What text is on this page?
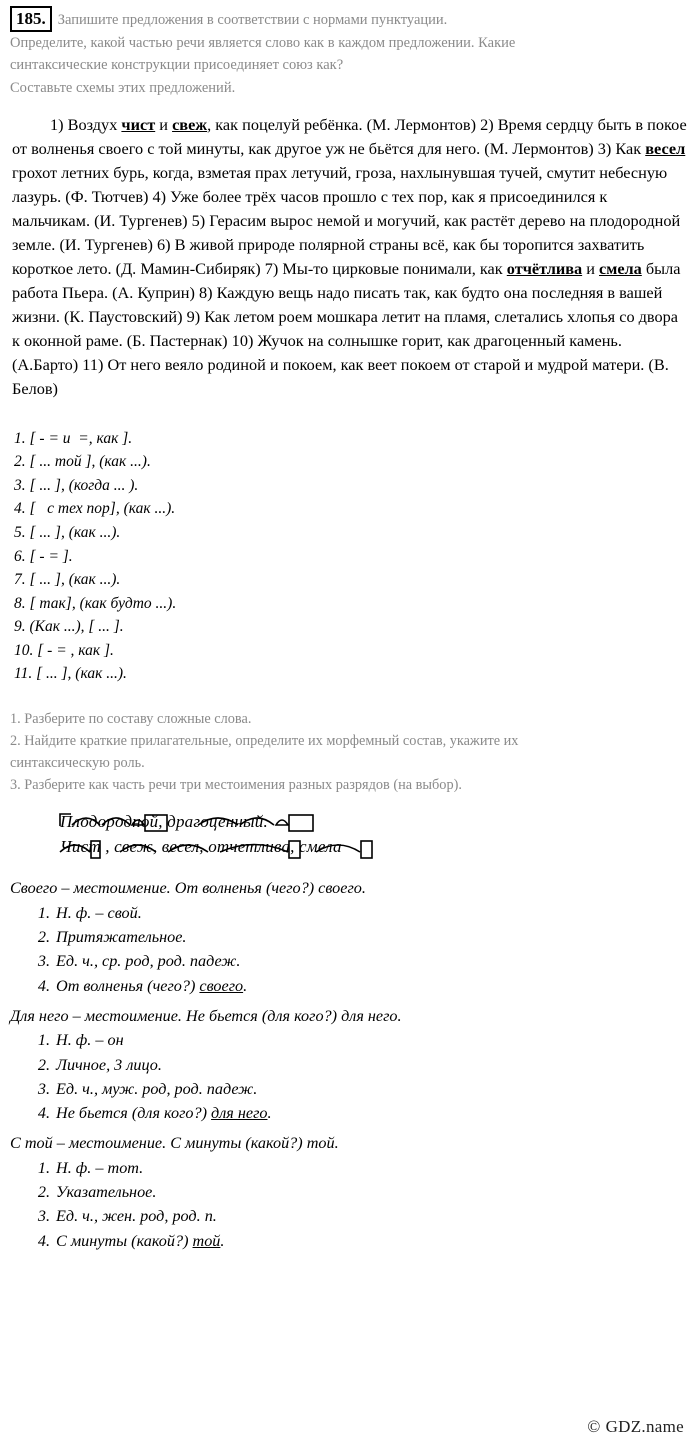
185. Запишите предложения в соответствии с нормами пунктуации.
Определите, какой частью речи является слово как в каждом предложении. Какие
синтаксические конструкции присоединяет союз как?
Составьте схемы этих предложений.
1) Воздух чист и свеж, как поцелуй ребёнка. (М. Лермонтов) 2) Время сердцу быть в покое от волненья своего с той минуты, как другое уж не бьётся для него. (М. Лермонтов) 3) Как весел грохот летних бурь, когда, взметая прах летучий, гроза, нахлынувшая тучей, смутит небесную лазурь. (Ф. Тютчев) 4) Уже более трёх часов прошло с тех пор, как я присоединился к мальчикам. (И. Тургенев) 5) Герасим вырос немой и могучий, как растёт дерево на плодородной земле. (И. Тургенев) 6) В живой природе полярной страны всё, как бы торопится захватить короткое лето. (Д. Мамин-Сибиряк) 7) Мы-то цирковые понимали, как отчётлива и смела была работа Пьера. (А. Куприн) 8) Каждую вещь надо писать так, как будто она последняя в вашей жизни. (К. Паустовский) 9) Как летом роем мошкара летит на пламя, слетались хлопья со двора к оконной раме. (Б. Пастернак) 10) Жучок на солнышке горит, как драгоценный камень. (А.Барто) 11) От него веяло родиной и покоем, как веет покоем от старой и мудрой матери. (В. Белов)
1. [ - = и  =, как ].
2. [ ... той ], (как ...).
3. [ ... ], (когда ... ).
4. [   с тех пор], (как ...).
5. [ ... ], (как ...).
6. [ - = ].
7. [ ... ], (как ...).
8. [ так], (как будто ...).
9. (Как ...), [ ... ].
10. [ - = , как ].
11. [ ... ], (как ...).
1. Разберите по составу сложные слова.
2. Найдите краткие прилагательные, определите их морфемный состав, укажите их
синтаксическую роль.
3. Разберите как часть речи три местоимения разных разрядов (на выбор).
Плодородной, драгоценный.
Чист , свеж, весел, отчетлива, смела
Своего – местоимение. От волненья (чего?) своего.
Н. ф. – свой.
Притяжательное.
Ед. ч., ср. род, род. падеж.
От волненья (чего?) своего.
Для него – местоимение. Не бьется (для кого?) для него.
Н. ф. – он
Личное, 3 лицо.
Ед. ч., муж. род, род. падеж.
Не бьется (для кого?) для него.
С той – местоимение. С минуты (какой?) той.
Н. ф. – тот.
Указательное.
Ед. ч., жен. род, род. п.
С минуты (какой?) той.
© GDZ.name
